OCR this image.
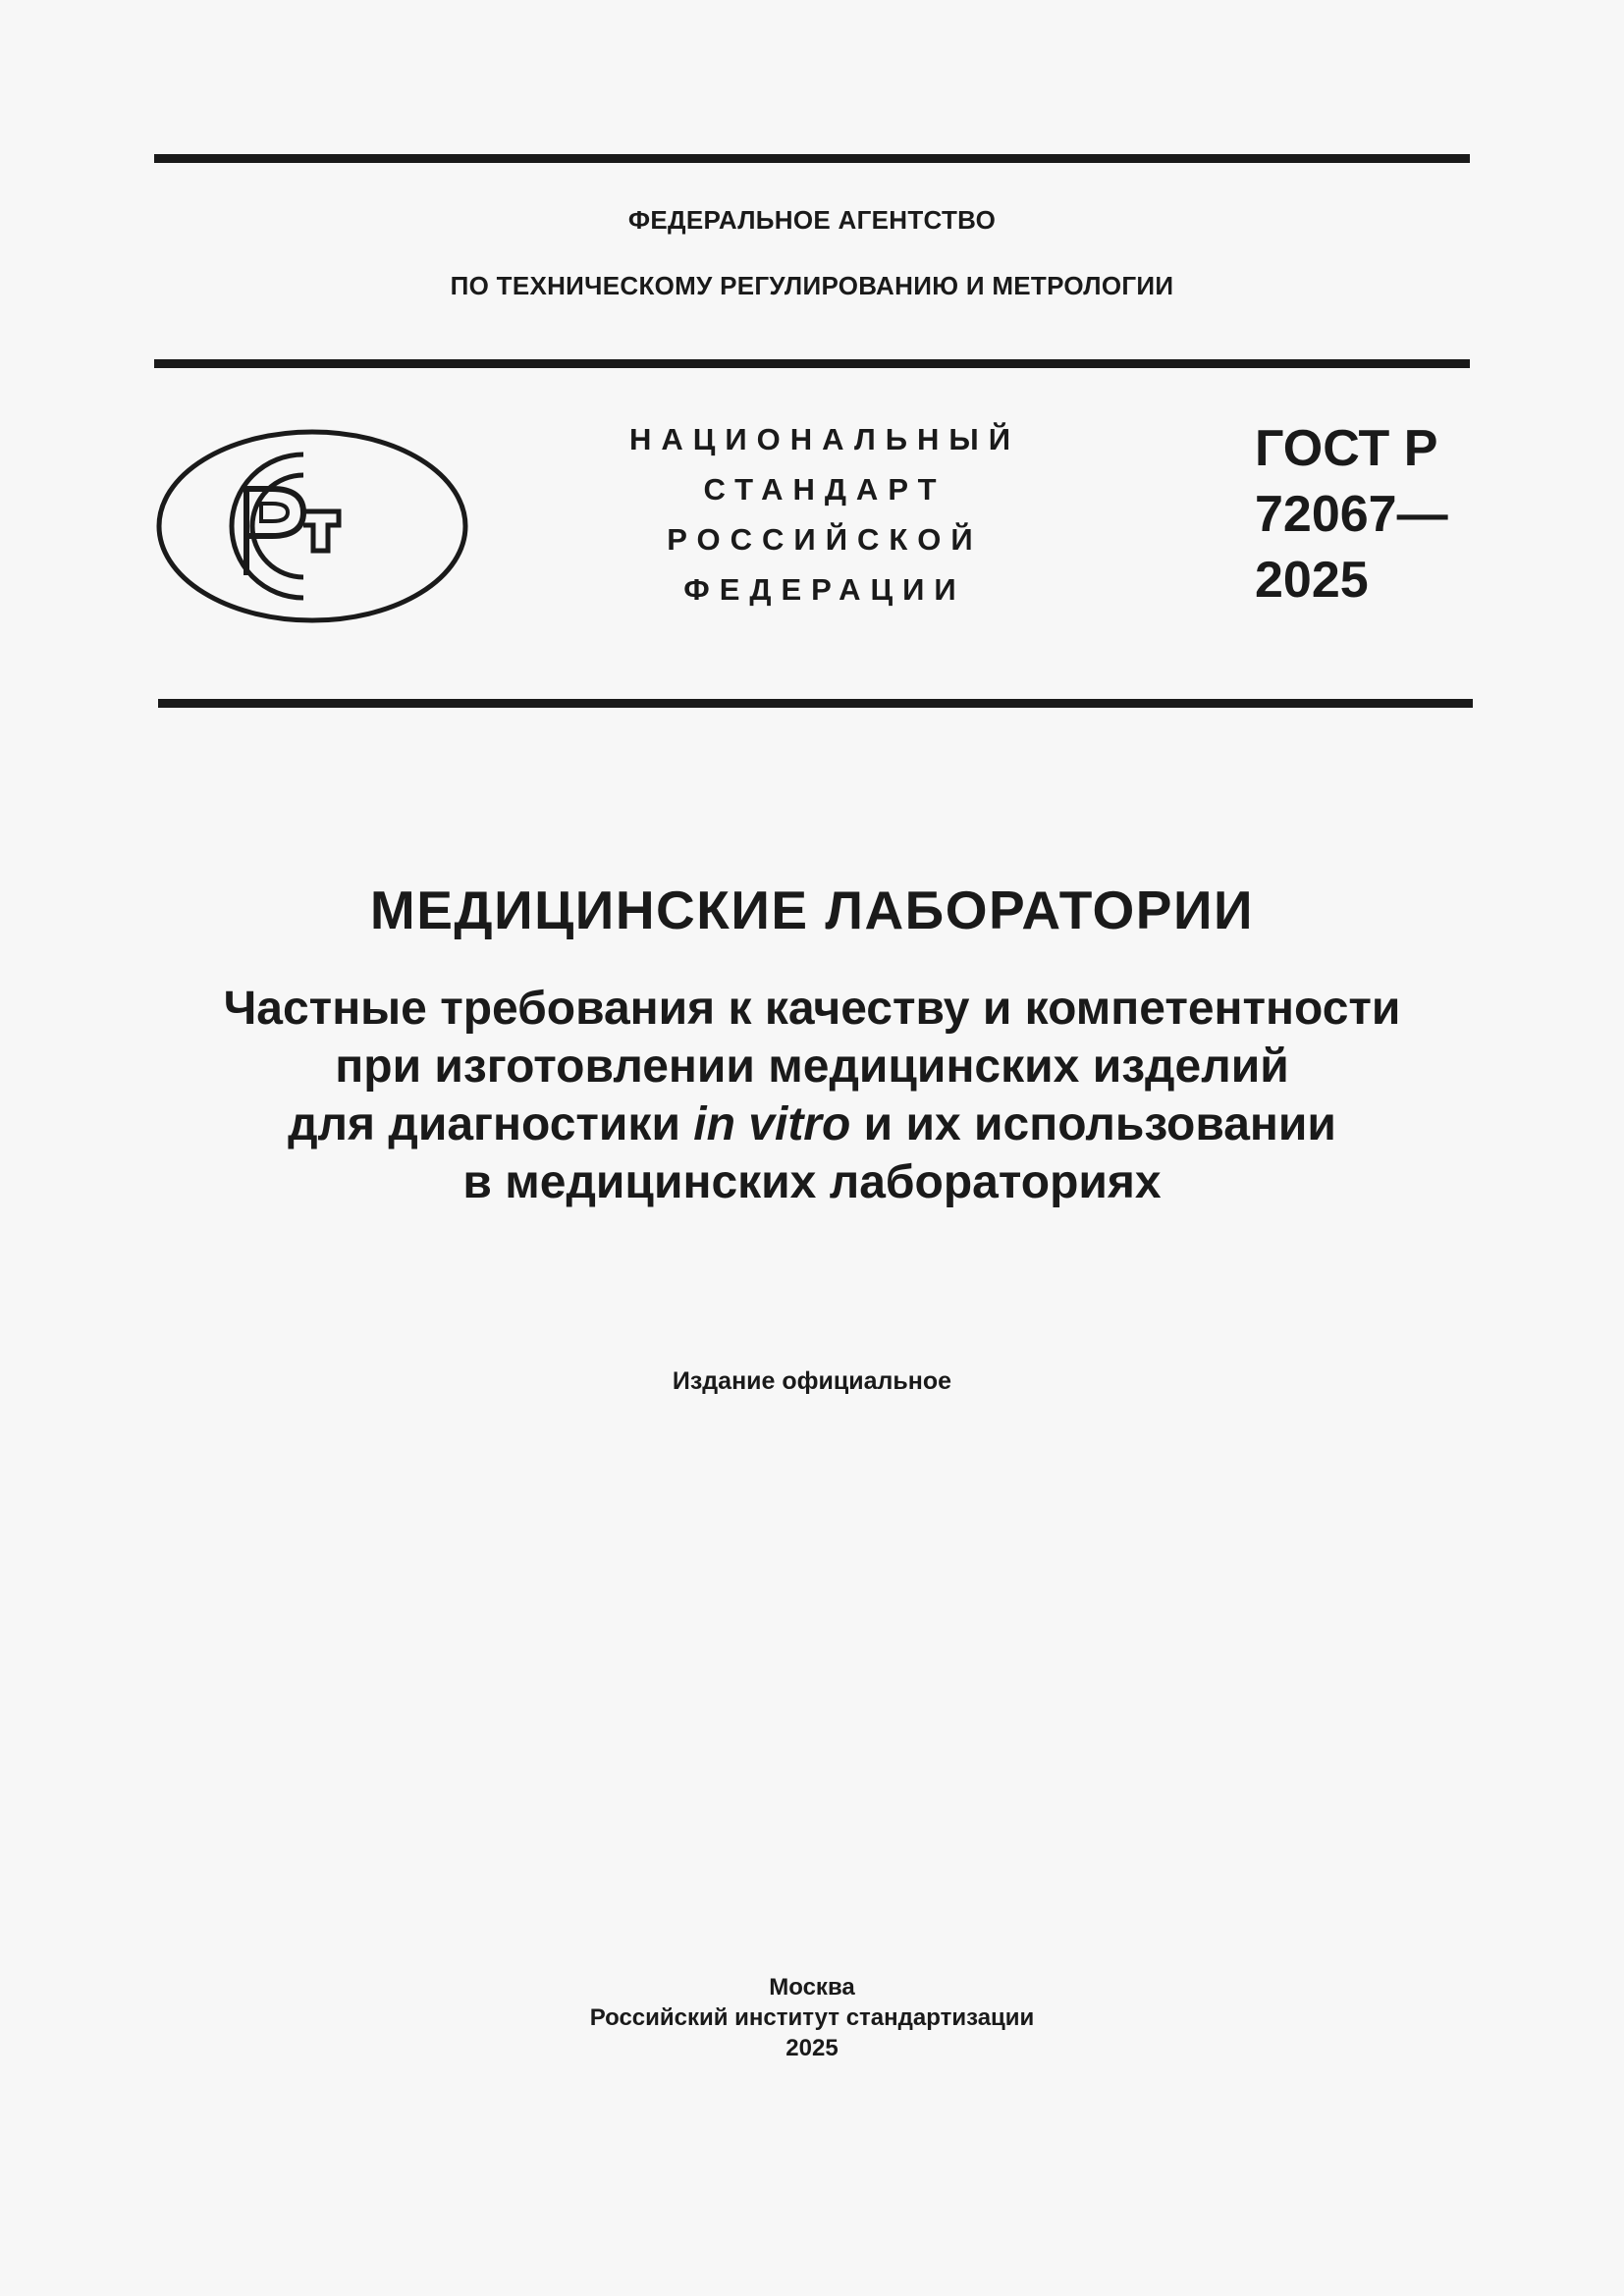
ФЕДЕРАЛЬНОЕ АГЕНТСТВО
ПО ТЕХНИЧЕСКОМУ РЕГУЛИРОВАНИЮ И МЕТРОЛОГИИ
НАЦИОНАЛЬНЫЙ
СТАНДАРТ
РОССИЙСКОЙ
ФЕДЕРАЦИИ
ГОСТ Р
72067—
2025
МЕДИЦИНСКИЕ ЛАБОРАТОРИИ
Частные требования к качеству и компетентности
при изготовлении медицинских изделий
для диагностики in vitro и их использовании
в медицинских лабораториях
Издание официальное
Москва
Российский институт стандартизации
2025
